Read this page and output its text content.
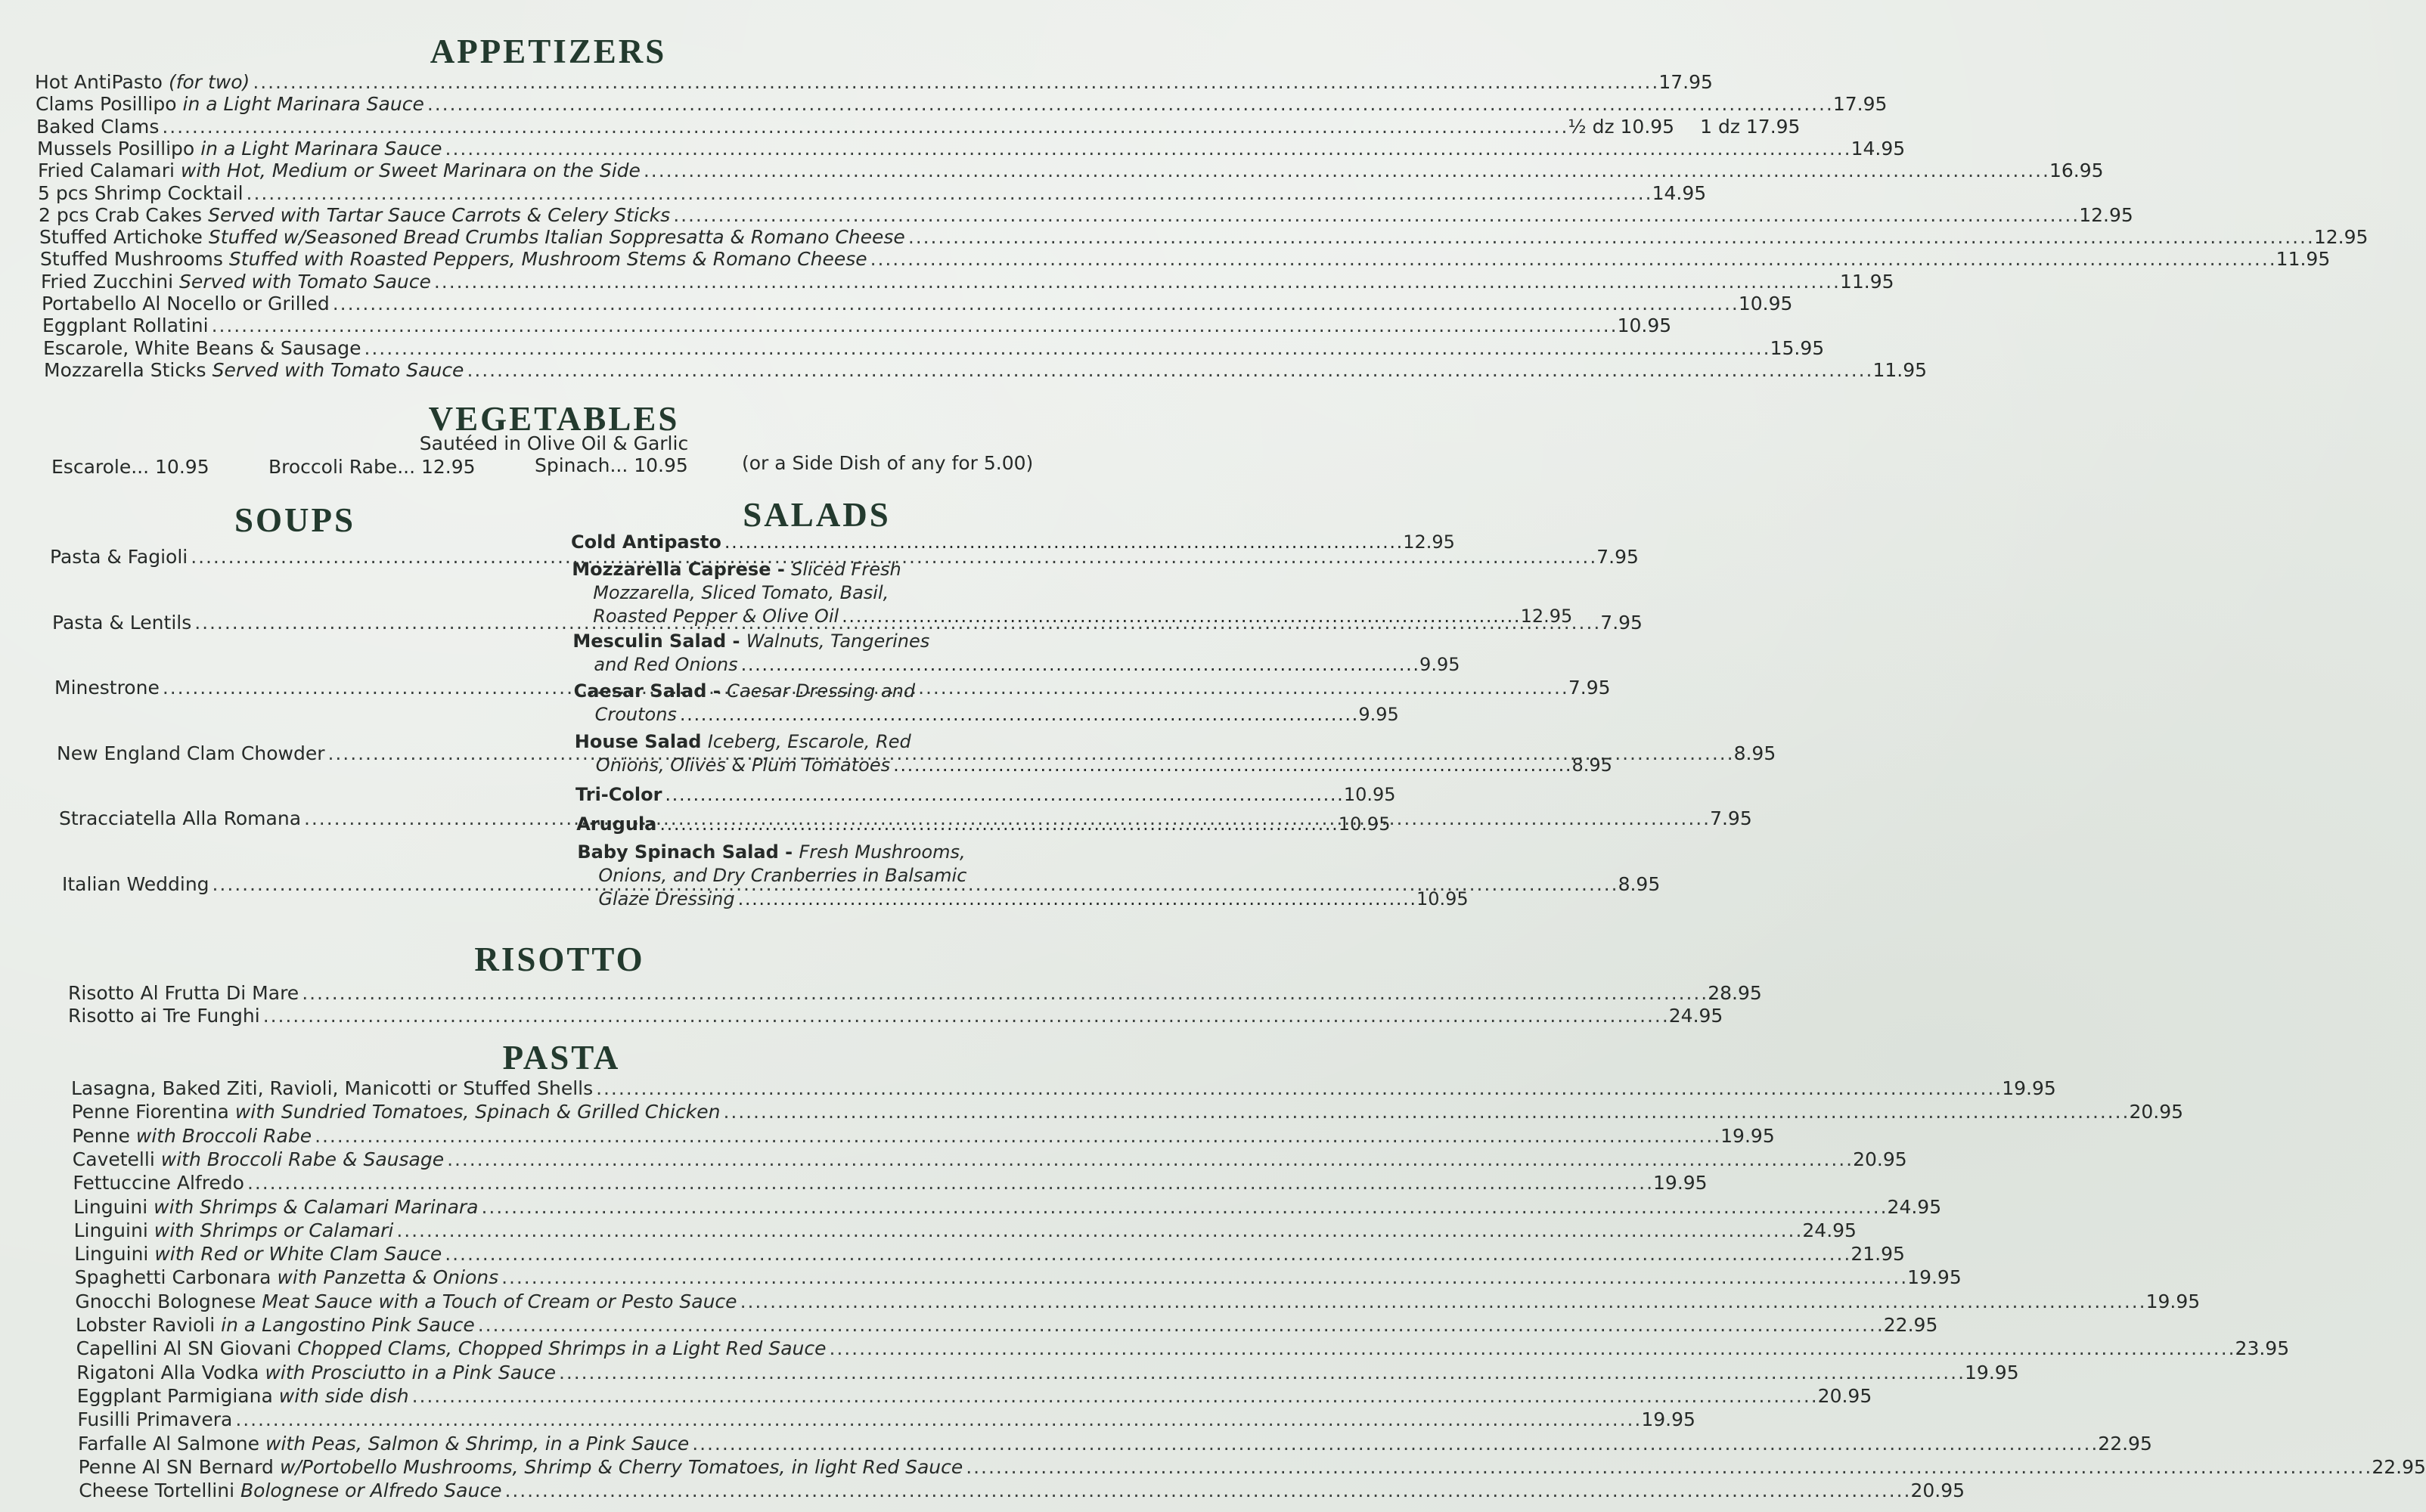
APPETIZERS
Hot AntiPasto (for two) . . .	17.95
Clams Posillipo in a Light Marinara Sauce . . .	17.95
Baked Clams . . .	½ dz 10.95 1 dz 17.95
Mussels Posillipo in a Light Marinara Sauce . . .	14.95
Fried Calamari with Hot, Medium or Sweet Marinara on the Side . . .	16.95
5 pcs Shrimp Cocktail . . .	14.95
2 pcs Crab Cakes Served with Tartar Sauce Carrots & Celery Sticks . . .	12.95
Stuffed Artichoke Stuffed w/Seasoned Bread Crumbs Italian Soppresatta & Romano Cheese . . .	12.95
Stuffed Mushrooms Stuffed with Roasted Peppers, Mushroom Stems & Romano Cheese . . .	11.95
Fried Zucchini Served with Tomato Sauce . . .	11.95
Portabello Al Nocello or Grilled . . .	10.95
Eggplant Rollatini . . .	10.95
Escarole, White Beans & Sausage . . .	15.95
Mozzarella Sticks Served with Tomato Sauce . . .	11.95
VEGETABLES
Sautéed in Olive Oil & Garlic
Escarole... 10.95	Broccoli Rabe... 12.95	Spinach... 10.95	(or a Side Dish of any for 5.00)
SOUPS
Pasta & Fagioli . . .	7.95
Pasta & Lentils . . .	7.95
Minestrone . . .	7.95
New England Clam Chowder . . .	8.95
Stracciatella Alla Romana . . .	7.95
Italian Wedding . . .	8.95
SALADS
Cold Antipasto . . .	12.95
Mozzarella Caprese - Sliced Fresh
Mozzarella, Sliced Tomato, Basil,
Roasted Pepper & Olive Oil . . .	12.95
Mesculin Salad - Walnuts, Tangerines
and Red Onions . . .	9.95
Caesar Salad - Caesar Dressing and
Croutons . . .	9.95
House Salad
Iceberg, Escarole, Red
Onions, Olives & Plum Tomatoes . . .	8.95
Tri-Color . . .	10.95
Arugula . . .	10.95
Baby Spinach Salad - Fresh Mushrooms,
Onions, and Dry Cranberries in Balsamic
Glaze Dressing . . .	10.95
RISOTTO
Risotto Al Frutta Di Mare . . .	28.95
Risotto ai Tre Funghi . . .	24.95
PASTA
Lasagna, Baked Ziti, Ravioli, Manicotti or Stuffed Shells . . .	19.95
Penne Fiorentina with Sundried Tomatoes, Spinach & Grilled Chicken . . .	20.95
Penne with Broccoli Rabe . . .	19.95
Cavetelli with Broccoli Rabe & Sausage . . .	20.95
Fettuccine Alfredo . . .	19.95
Linguini with Shrimps & Calamari Marinara . . .	24.95
Linguini with Shrimps or Calamari . . .	24.95
Linguini with Red or White Clam Sauce . . .	21.95
Spaghetti Carbonara with Panzetta & Onions . . .	19.95
Gnocchi Bolognese Meat Sauce with a Touch of Cream or Pesto Sauce . . .	19.95
Lobster Ravioli in a Langostino Pink Sauce . . .	22.95
Capellini Al SN Giovani Chopped Clams, Chopped Shrimps in a Light Red Sauce . . .	23.95
Rigatoni Alla Vodka with Prosciutto in a Pink Sauce . . .	19.95
Eggplant Parmigiana with side dish . . .	20.95
Fusilli Primavera . . .	19.95
Farfalle Al Salmone with Peas, Salmon & Shrimp, in a Pink Sauce . . .	22.95
Penne Al SN Bernard w/Portobello Mushrooms, Shrimp & Cherry Tomatoes, in light Red Sauce . . .	22.95
Cheese Tortellini Bolognese or Alfredo Sauce . . .	20.95
